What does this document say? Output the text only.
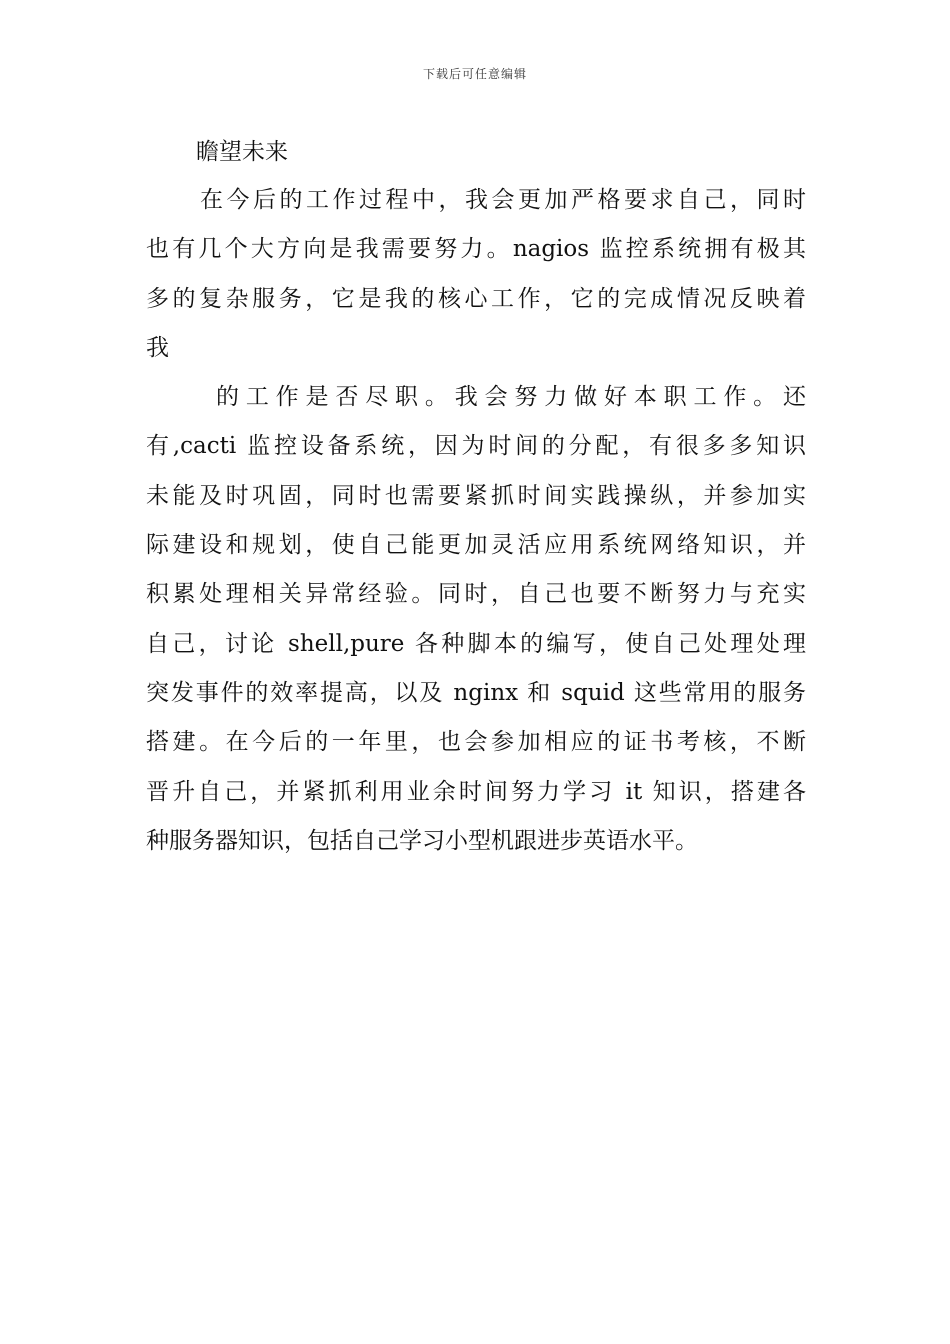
下载后可任意编辑
瞻望未来
在今后的工作过程中，我会更加严格要求自己，同时
也有几个大方向是我需要努力。nagios 监控系统拥有极其
多的复杂服务，它是我的核心工作，它的完成情况反映着
我
的工作是否尽职。我会努力做好本职工作。还
有,cacti 监控设备系统，因为时间的分配，有很多多知识
未能及时巩固，同时也需要紧抓时间实践操纵，并参加实
际建设和规划，使自己能更加灵活应用系统网络知识，并
积累处理相关异常经验。同时，自己也要不断努力与充实
自己，讨论 shell,pure 各种脚本的编写，使自己处理处理
突发事件的效率提高，以及 nginx 和 squid 这些常用的服务
搭建。在今后的一年里，也会参加相应的证书考核，不断
晋升自己，并紧抓利用业余时间努力学习 it 知识，搭建各
种服务器知识，包括自己学习小型机跟进步英语水平。
